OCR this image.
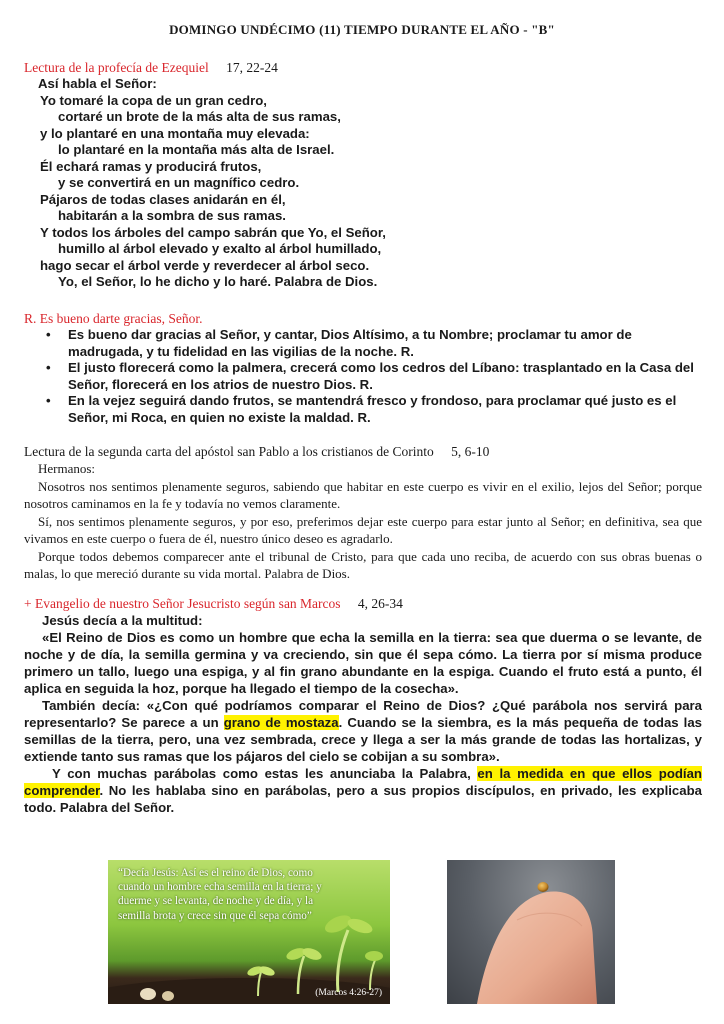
DOMINGO UNDÉCIMO (11) TIEMPO DURANTE EL AÑO - "B"
Lectura de la profecía de Ezequiel 17, 22-24
Así habla el Señor:
Yo tomaré la copa de un gran cedro,
cortaré un brote de la más alta de sus ramas,
y lo plantaré en una montaña muy elevada:
lo plantaré en la montaña más alta de Israel.
Él echará ramas y producirá frutos,
y se convertirá en un magnífico cedro.
Pájaros de todas clases anidarán en él,
habitarán a la sombra de sus ramas.
Y todos los árboles del campo sabrán que Yo, el Señor,
humillo al árbol elevado y exalto al árbol humillado,
hago secar el árbol verde y reverdecer al árbol seco.
Yo, el Señor, lo he dicho y lo haré. Palabra de Dios.
R. Es bueno darte gracias, Señor.
• Es bueno dar gracias al Señor, y cantar, Dios Altísimo, a tu Nombre; proclamar tu amor de madrugada, y tu fidelidad en las vigilias de la noche. R.
• El justo florecerá como la palmera, crecerá como los cedros del Líbano: trasplantado en la Casa del Señor, florecerá en los atrios de nuestro Dios. R.
• En la vejez seguirá dando frutos, se mantendrá fresco y frondoso, para proclamar qué justo es el Señor, mi Roca, en quien no existe la maldad. R.
Lectura de la segunda carta del apóstol san Pablo a los cristianos de Corinto 5, 6-10

Hermanos:

Nosotros nos sentimos plenamente seguros, sabiendo que habitar en este cuerpo es vivir en el exilio, lejos del Señor; porque nosotros caminamos en la fe y todavía no vemos claramente.

Sí, nos sentimos plenamente seguros, y por eso, preferimos dejar este cuerpo para estar junto al Señor; en definitiva, sea que vivamos en este cuerpo o fuera de él, nuestro único deseo es agradarlo.

Porque todos debemos comparecer ante el tribunal de Cristo, para que cada uno reciba, de acuerdo con sus obras buenas o malas, lo que mereció durante su vida mortal. Palabra de Dios.

+ Evangelio de nuestro Señor Jesucristo según san Marcos 4, 26-34

Jesús decía a la multitud:

«El Reino de Dios es como un hombre que echa la semilla en la tierra: sea que duerma o se levante, de noche y de día, la semilla germina y va creciendo, sin que él sepa cómo. La tierra por sí misma produce primero un tallo, luego una espiga, y al fin grano abundante en la espiga. Cuando el fruto está a punto, él aplica en seguida la hoz, porque ha llegado el tiempo de la cosecha».

También decía: «¿Con qué podríamos comparar el Reino de Dios? ¿Qué parábola nos servirá para representarlo? Se parece a un grano de mostaza. Cuando se la siembra, es la más pequeña de todas las semillas de la tierra, pero, una vez sembrada, crece y llega a ser la más grande de todas las hortalizas, y extiende tanto sus ramas que los pájaros del cielo se cobijan a su sombra».

Y con muchas parábolas como estas les anunciaba la Palabra, en la medida en que ellos podían comprender. No les hablaba sino en parábolas, pero a sus propios discípulos, en privado, les explicaba todo. Palabra del Señor.

“Decía Jesús: Así es el reino de Dios, como cuando un hombre echa semilla en la tierra; y duerme y se levanta, de noche y de día, y la semilla brota y crece sin que él sepa cómo”
(Marcos 4:26-27)
